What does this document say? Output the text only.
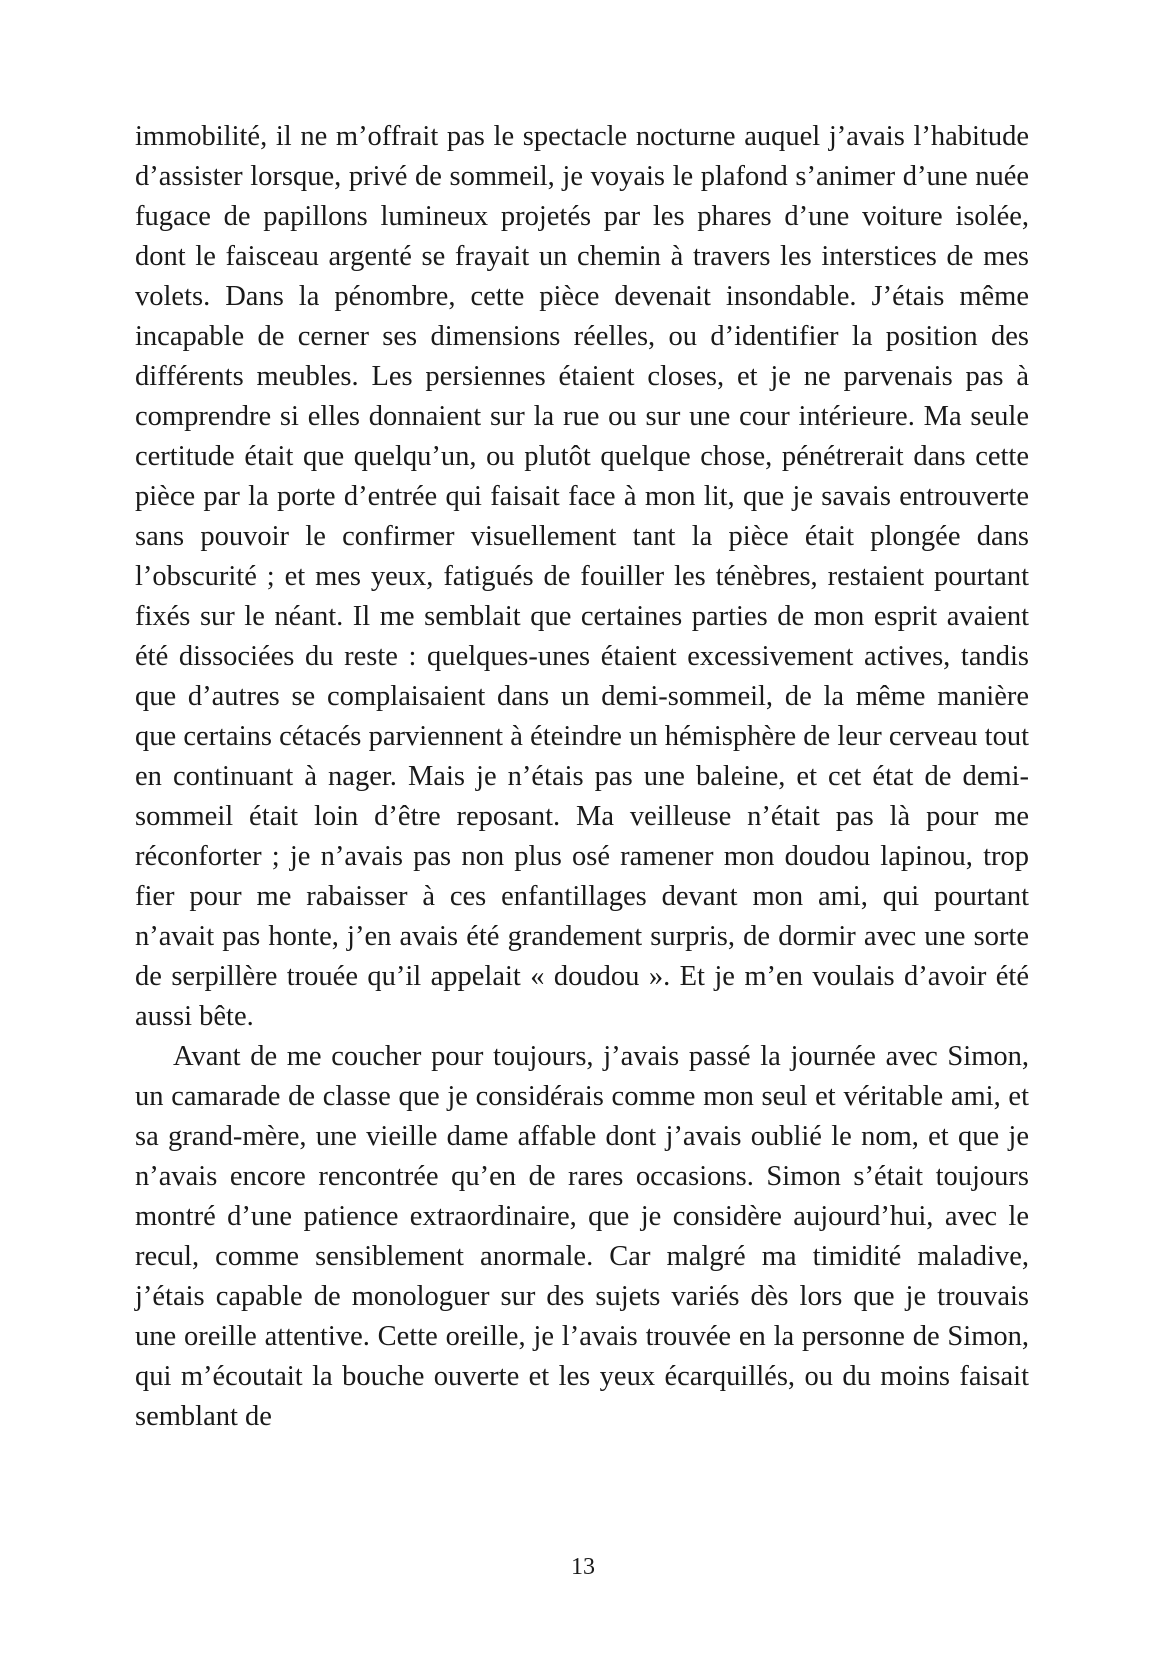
immobilité, il ne m’offrait pas le spectacle nocturne auquel j’avais l’habitude d’assister lorsque, privé de sommeil, je voyais le plafond s’animer d’une nuée fugace de papillons lumineux projetés par les phares d’une voiture isolée, dont le faisceau argenté se frayait un chemin à travers les interstices de mes volets. Dans la pénombre, cette pièce devenait insondable. J’étais même incapable de cerner ses dimensions réelles, ou d’identifier la position des différents meubles. Les persiennes étaient closes, et je ne parvenais pas à comprendre si elles donnaient sur la rue ou sur une cour intérieure. Ma seule certitude était que quelqu’un, ou plutôt quelque chose, pénétrerait dans cette pièce par la porte d’entrée qui faisait face à mon lit, que je savais entrouverte sans pouvoir le confirmer visuellement tant la pièce était plongée dans l’obscurité ; et mes yeux, fatigués de fouiller les ténèbres, restaient pourtant fixés sur le néant. Il me semblait que certaines parties de mon esprit avaient été dissociées du reste : quelques-unes étaient excessivement actives, tandis que d’autres se complaisaient dans un demi-sommeil, de la même manière que certains cétacés parviennent à éteindre un hémisphère de leur cerveau tout en continuant à nager. Mais je n’étais pas une baleine, et cet état de demi-sommeil était loin d’être reposant. Ma veilleuse n’était pas là pour me réconforter ; je n’avais pas non plus osé ramener mon doudou lapinou, trop fier pour me rabaisser à ces enfantillages devant mon ami, qui pourtant n’avait pas honte, j’en avais été grandement surpris, de dormir avec une sorte de serpillère trouée qu’il appelait « doudou ». Et je m’en voulais d’avoir été aussi bête.

Avant de me coucher pour toujours, j’avais passé la journée avec Simon, un camarade de classe que je considérais comme mon seul et véritable ami, et sa grand-mère, une vieille dame affable dont j’avais oublié le nom, et que je n’avais encore rencontrée qu’en de rares occasions. Simon s’était toujours montré d’une patience extraordinaire, que je considère aujourd’hui, avec le recul, comme sensiblement anormale. Car malgré ma timidité maladive, j’étais capable de monologuer sur des sujets variés dès lors que je trouvais une oreille attentive. Cette oreille, je l’avais trouvée en la personne de Simon, qui m’écoutait la bouche ouverte et les yeux écarquillés, ou du moins faisait semblant de

13
